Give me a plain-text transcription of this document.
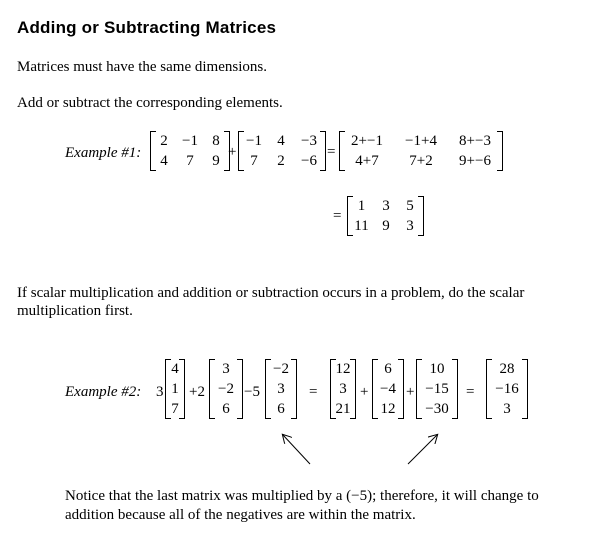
Adding or Subtracting Matrices
Matrices must have the same dimensions.
Add or subtract the corresponding elements.
Example #1:
2 −1 8
4	7	9
+
−1	4	−3
7	2	−6
=
2+−1	−1+4	8+−3
4+7	7+2	9+−6
=
1	3	5
11 9	3
If scalar multiplication and addition or subtraction occurs in a problem, do the scalar multiplication first.
Example #2: 3
4
1
7
+2
3
−2
6
−5
−2
3
6
=
12
3
21
+
6
−4
12
+
10
−15
−30
=
28
−16
3
Notice that the last matrix was multiplied by a (−5); therefore, it will change to
addition because all of the negatives are within the matrix.
